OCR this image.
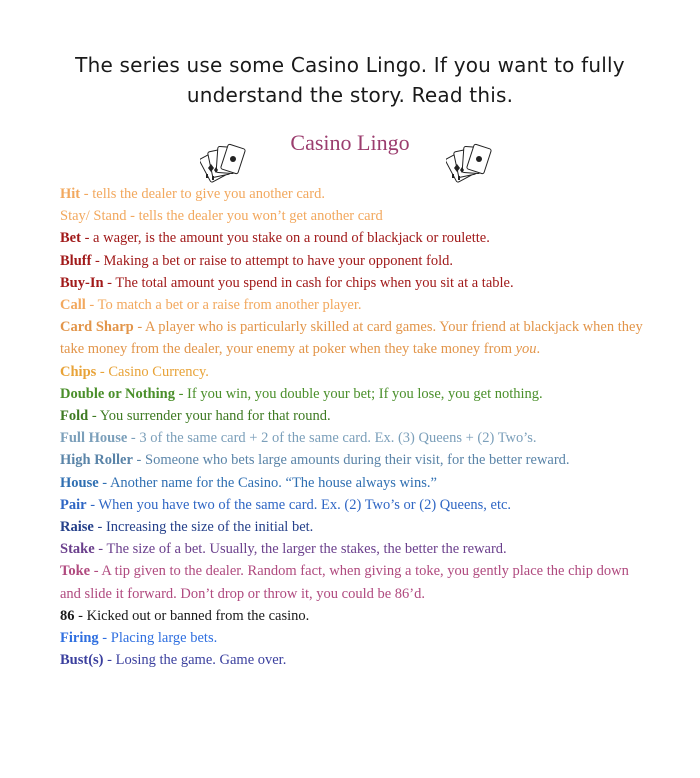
The series use some Casino Lingo. If you want to fully
understand the story. Read this.
Casino Lingo

Hit - tells the dealer to give you another card.

Stay/ Stand - tells the dealer you won’t get another card

Bet - a wager, is the amount you stake on a round of blackjack or roulette.

Bluff - Making a bet or raise to attempt to have your opponent fold.

Buy-In - The total amount you spend in cash for chips when you sit at a table.

Call - To match a bet or a raise from another player.

Card Sharp - A player who is particularly skilled at card games. Your friend at blackjack when they take money from the dealer, your enemy at poker when they take money from you.

Chips - Casino Currency.

Double or Nothing - If you win, you double your bet; If you lose, you get nothing.

Fold - You surrender your hand for that round.

Full House - 3 of the same card + 2 of the same card. Ex. (3) Queens + (2) Two’s.

High Roller - Someone who bets large amounts during their visit, for the better reward.

House - Another name for the Casino. “The house always wins.”

Pair - When you have two of the same card. Ex. (2) Two’s or (2) Queens, etc.

Raise - Increasing the size of the initial bet.

Stake - The size of a bet. Usually, the larger the stakes, the better the reward.

Toke - A tip given to the dealer. Random fact, when giving a toke, you gently place the chip down and slide it forward. Don’t drop or throw it, you could be 86’d.

86 - Kicked out or banned from the casino.

Firing - Placing large bets.

Bust(s) - Losing the game. Game over.
